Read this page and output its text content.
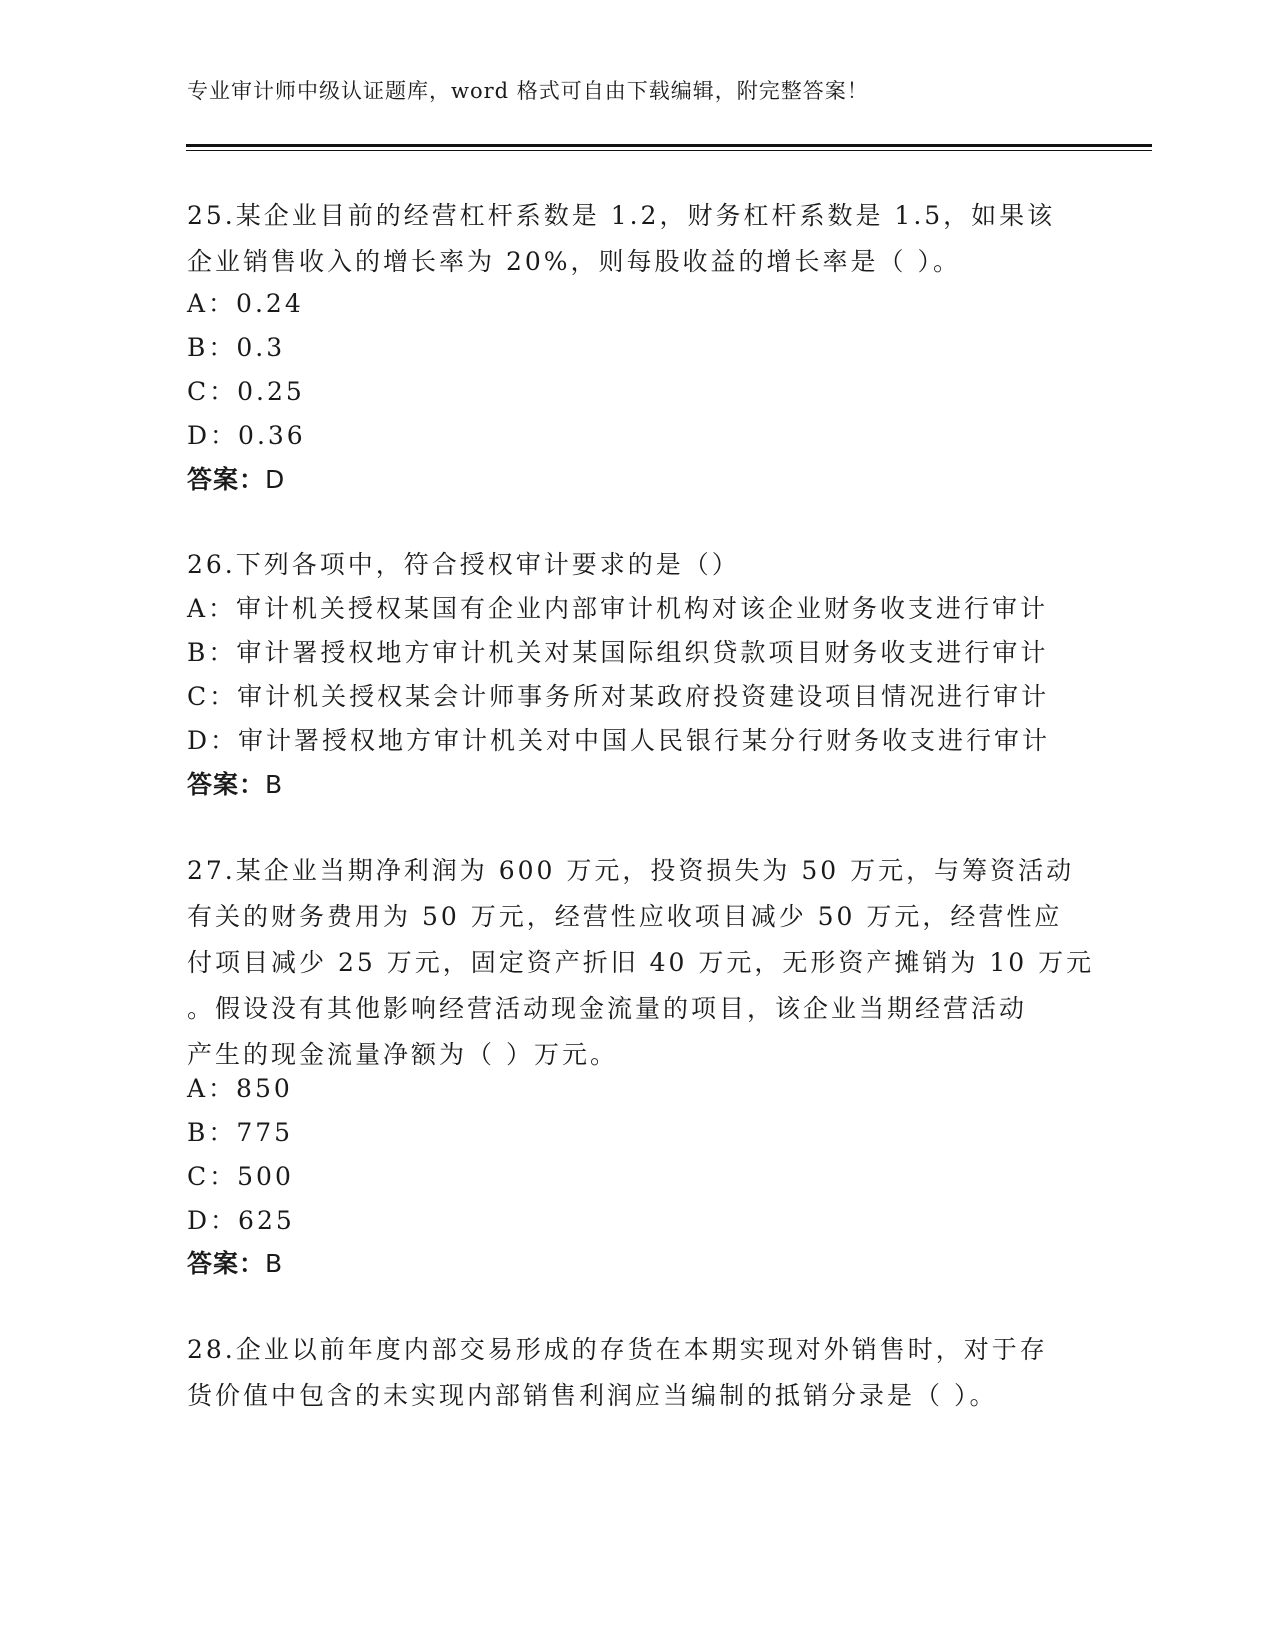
专业审计师中级认证题库，word 格式可自由下载编辑，附完整答案！
25.某企业目前的经营杠杆系数是 1.2，财务杠杆系数是 1.5，如果该
企业销售收入的增长率为 20%，则每股收益的增长率是（ ）。
A：0.24
B：0.3
C：0.25
D：0.36
答案：D
26.下列各项中，符合授权审计要求的是（）
A：审计机关授权某国有企业内部审计机构对该企业财务收支进行审计
B：审计署授权地方审计机关对某国际组织贷款项目财务收支进行审计
C：审计机关授权某会计师事务所对某政府投资建设项目情况进行审计
D：审计署授权地方审计机关对中国人民银行某分行财务收支进行审计
答案：B
27.某企业当期净利润为 600 万元，投资损失为 50 万元，与筹资活动
有关的财务费用为 50 万元，经营性应收项目减少 50 万元，经营性应
付项目减少 25 万元，固定资产折旧 40 万元，无形资产摊销为 10 万元
。假设没有其他影响经营活动现金流量的项目，该企业当期经营活动
产生的现金流量净额为（ ）万元。
A：850
B：775
C：500
D：625
答案：B
28.企业以前年度内部交易形成的存货在本期实现对外销售时，对于存
货价值中包含的未实现内部销售利润应当编制的抵销分录是（ ）。
